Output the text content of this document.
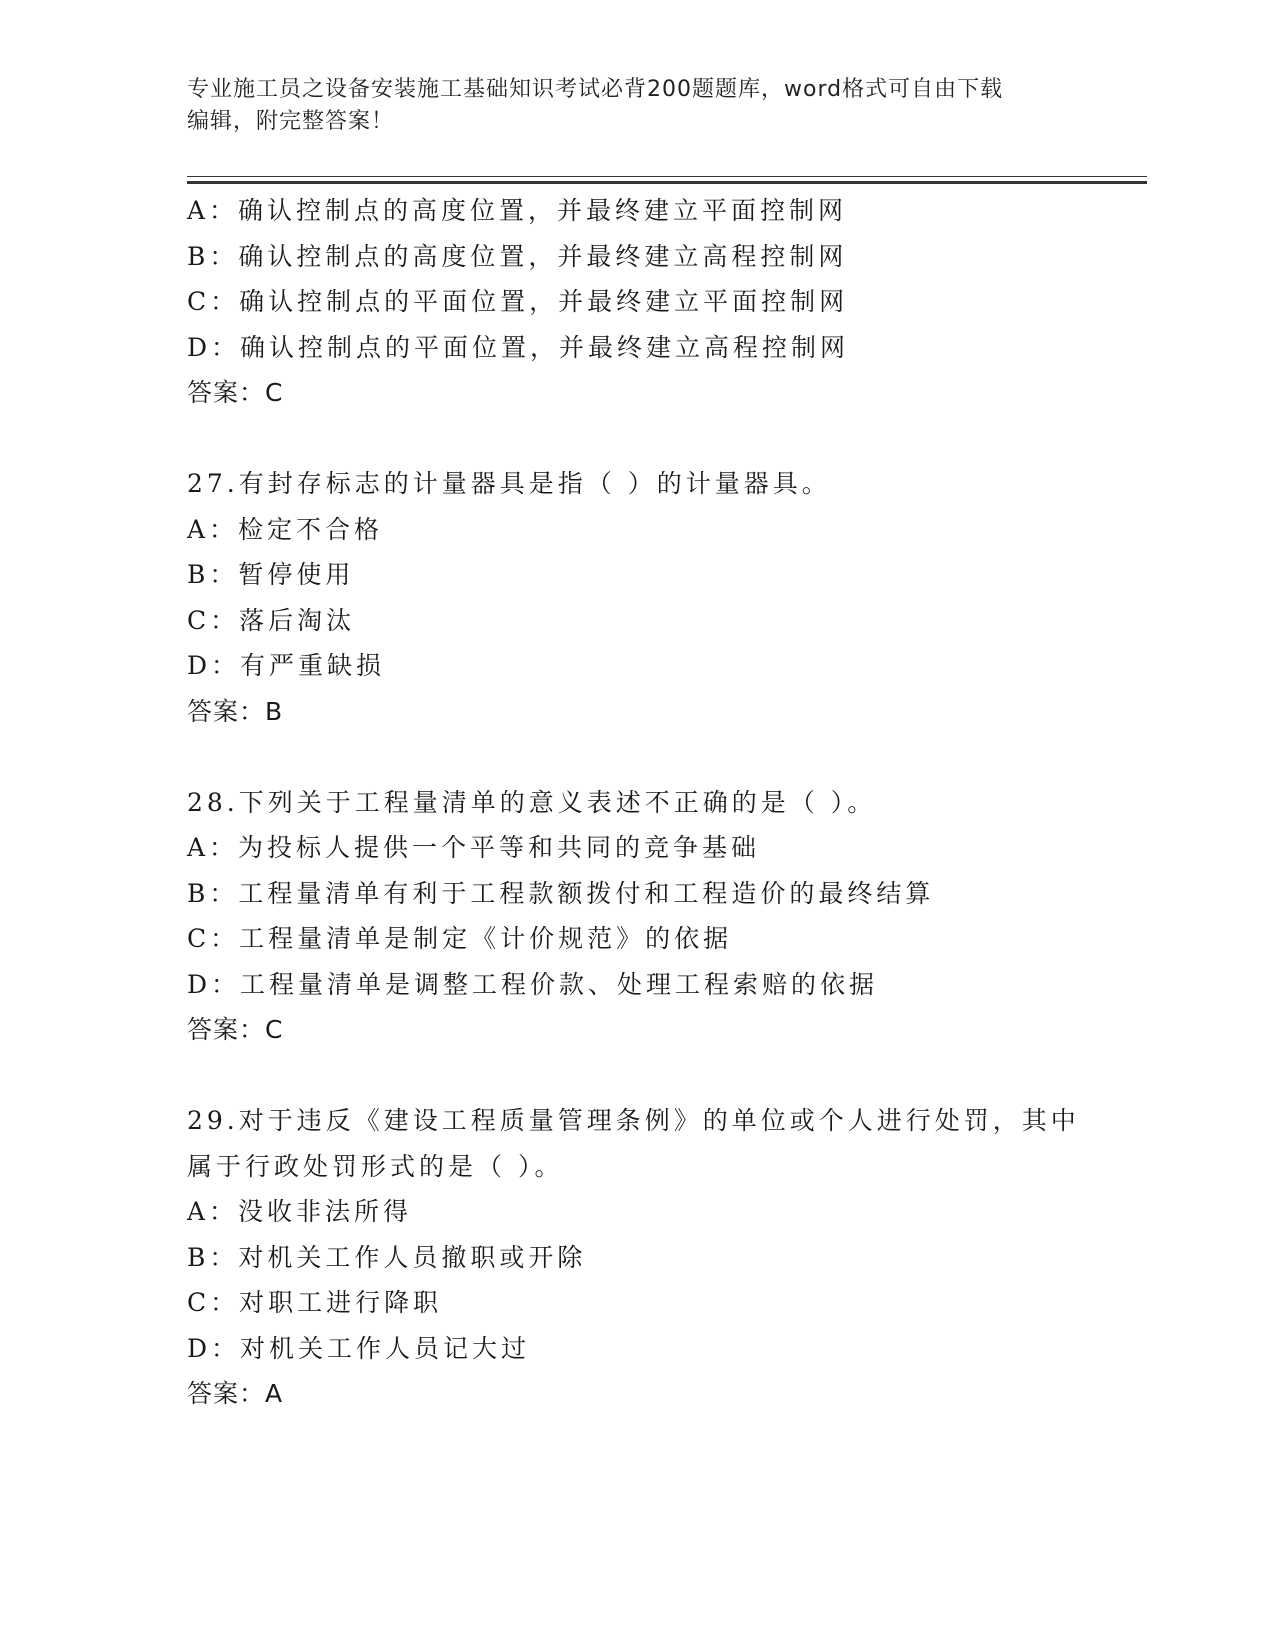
专业施工员之设备安装施工基础知识考试必背200题题库，word格式可自由下载
编辑，附完整答案！
A：确认控制点的高度位置，并最终建立平面控制网
B：确认控制点的高度位置，并最终建立高程控制网
C：确认控制点的平面位置，并最终建立平面控制网
D：确认控制点的平面位置，并最终建立高程控制网
答案：C
27.有封存标志的计量器具是指（ ）的计量器具。
A：检定不合格
B：暂停使用
C：落后淘汰
D：有严重缺损
答案：B
28.下列关于工程量清单的意义表述不正确的是（ ）。
A：为投标人提供一个平等和共同的竞争基础
B：工程量清单有利于工程款额拨付和工程造价的最终结算
C：工程量清单是制定《计价规范》的依据
D：工程量清单是调整工程价款、处理工程索赔的依据
答案：C
29.对于违反《建设工程质量管理条例》的单位或个人进行处罚，其中
属于行政处罚形式的是（ ）。
A：没收非法所得
B：对机关工作人员撤职或开除
C：对职工进行降职
D：对机关工作人员记大过
答案：A
